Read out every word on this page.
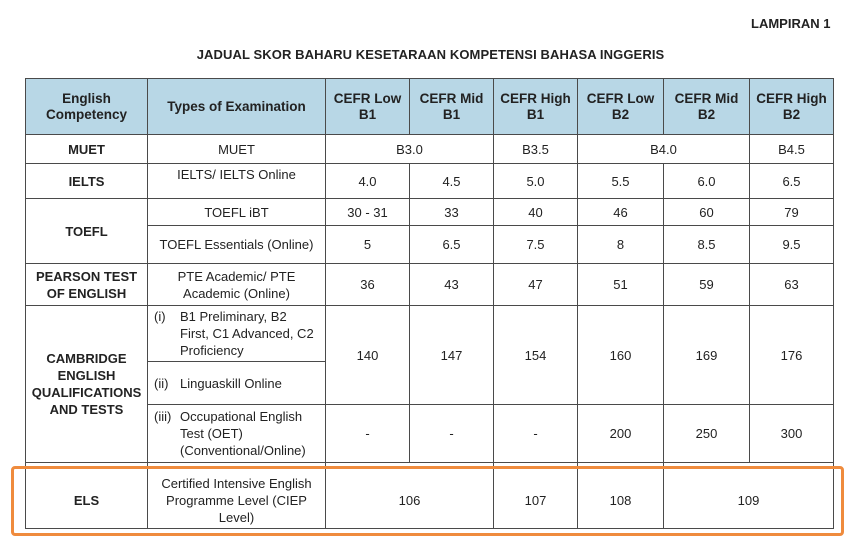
LAMPIRAN 1
JADUAL SKOR BAHARU KESETARAAN KOMPETENSI BAHASA INGGERIS
English Competency	Types of Examination	CEFR Low B1	CEFR Mid B1	CEFR High B1	CEFR Low B2	CEFR Mid B2	CEFR High B2
MUET	MUET	B3.0		B3.5	B4.0		B4.5
IELTS	IELTS/ IELTS Online	4.0	4.5	5.0	5.5	6.0	6.5
TOEFL	TOEFL iBT	30 - 31	33	40	46	60	79
	TOEFL Essentials (Online)	5	6.5	7.5	8	8.5	9.5
PEARSON TEST OF ENGLISH	PTE Academic/ PTE Academic (Online)	36	43	47	51	59	63
CAMBRIDGE ENGLISH QUALIFICATIONS AND TESTS	(i) B1 Preliminary, B2 First, C1 Advanced, C2 Proficiency	140	147	154	160	169	176

	(ii) Linguaskill Online						

	(iii) Occupational English Test (OET) (Conventional/Online)	-	-	-	200	250	300

ELS	Certified Intensive English Programme Level (CIEP Level)	106		107	108	109	
